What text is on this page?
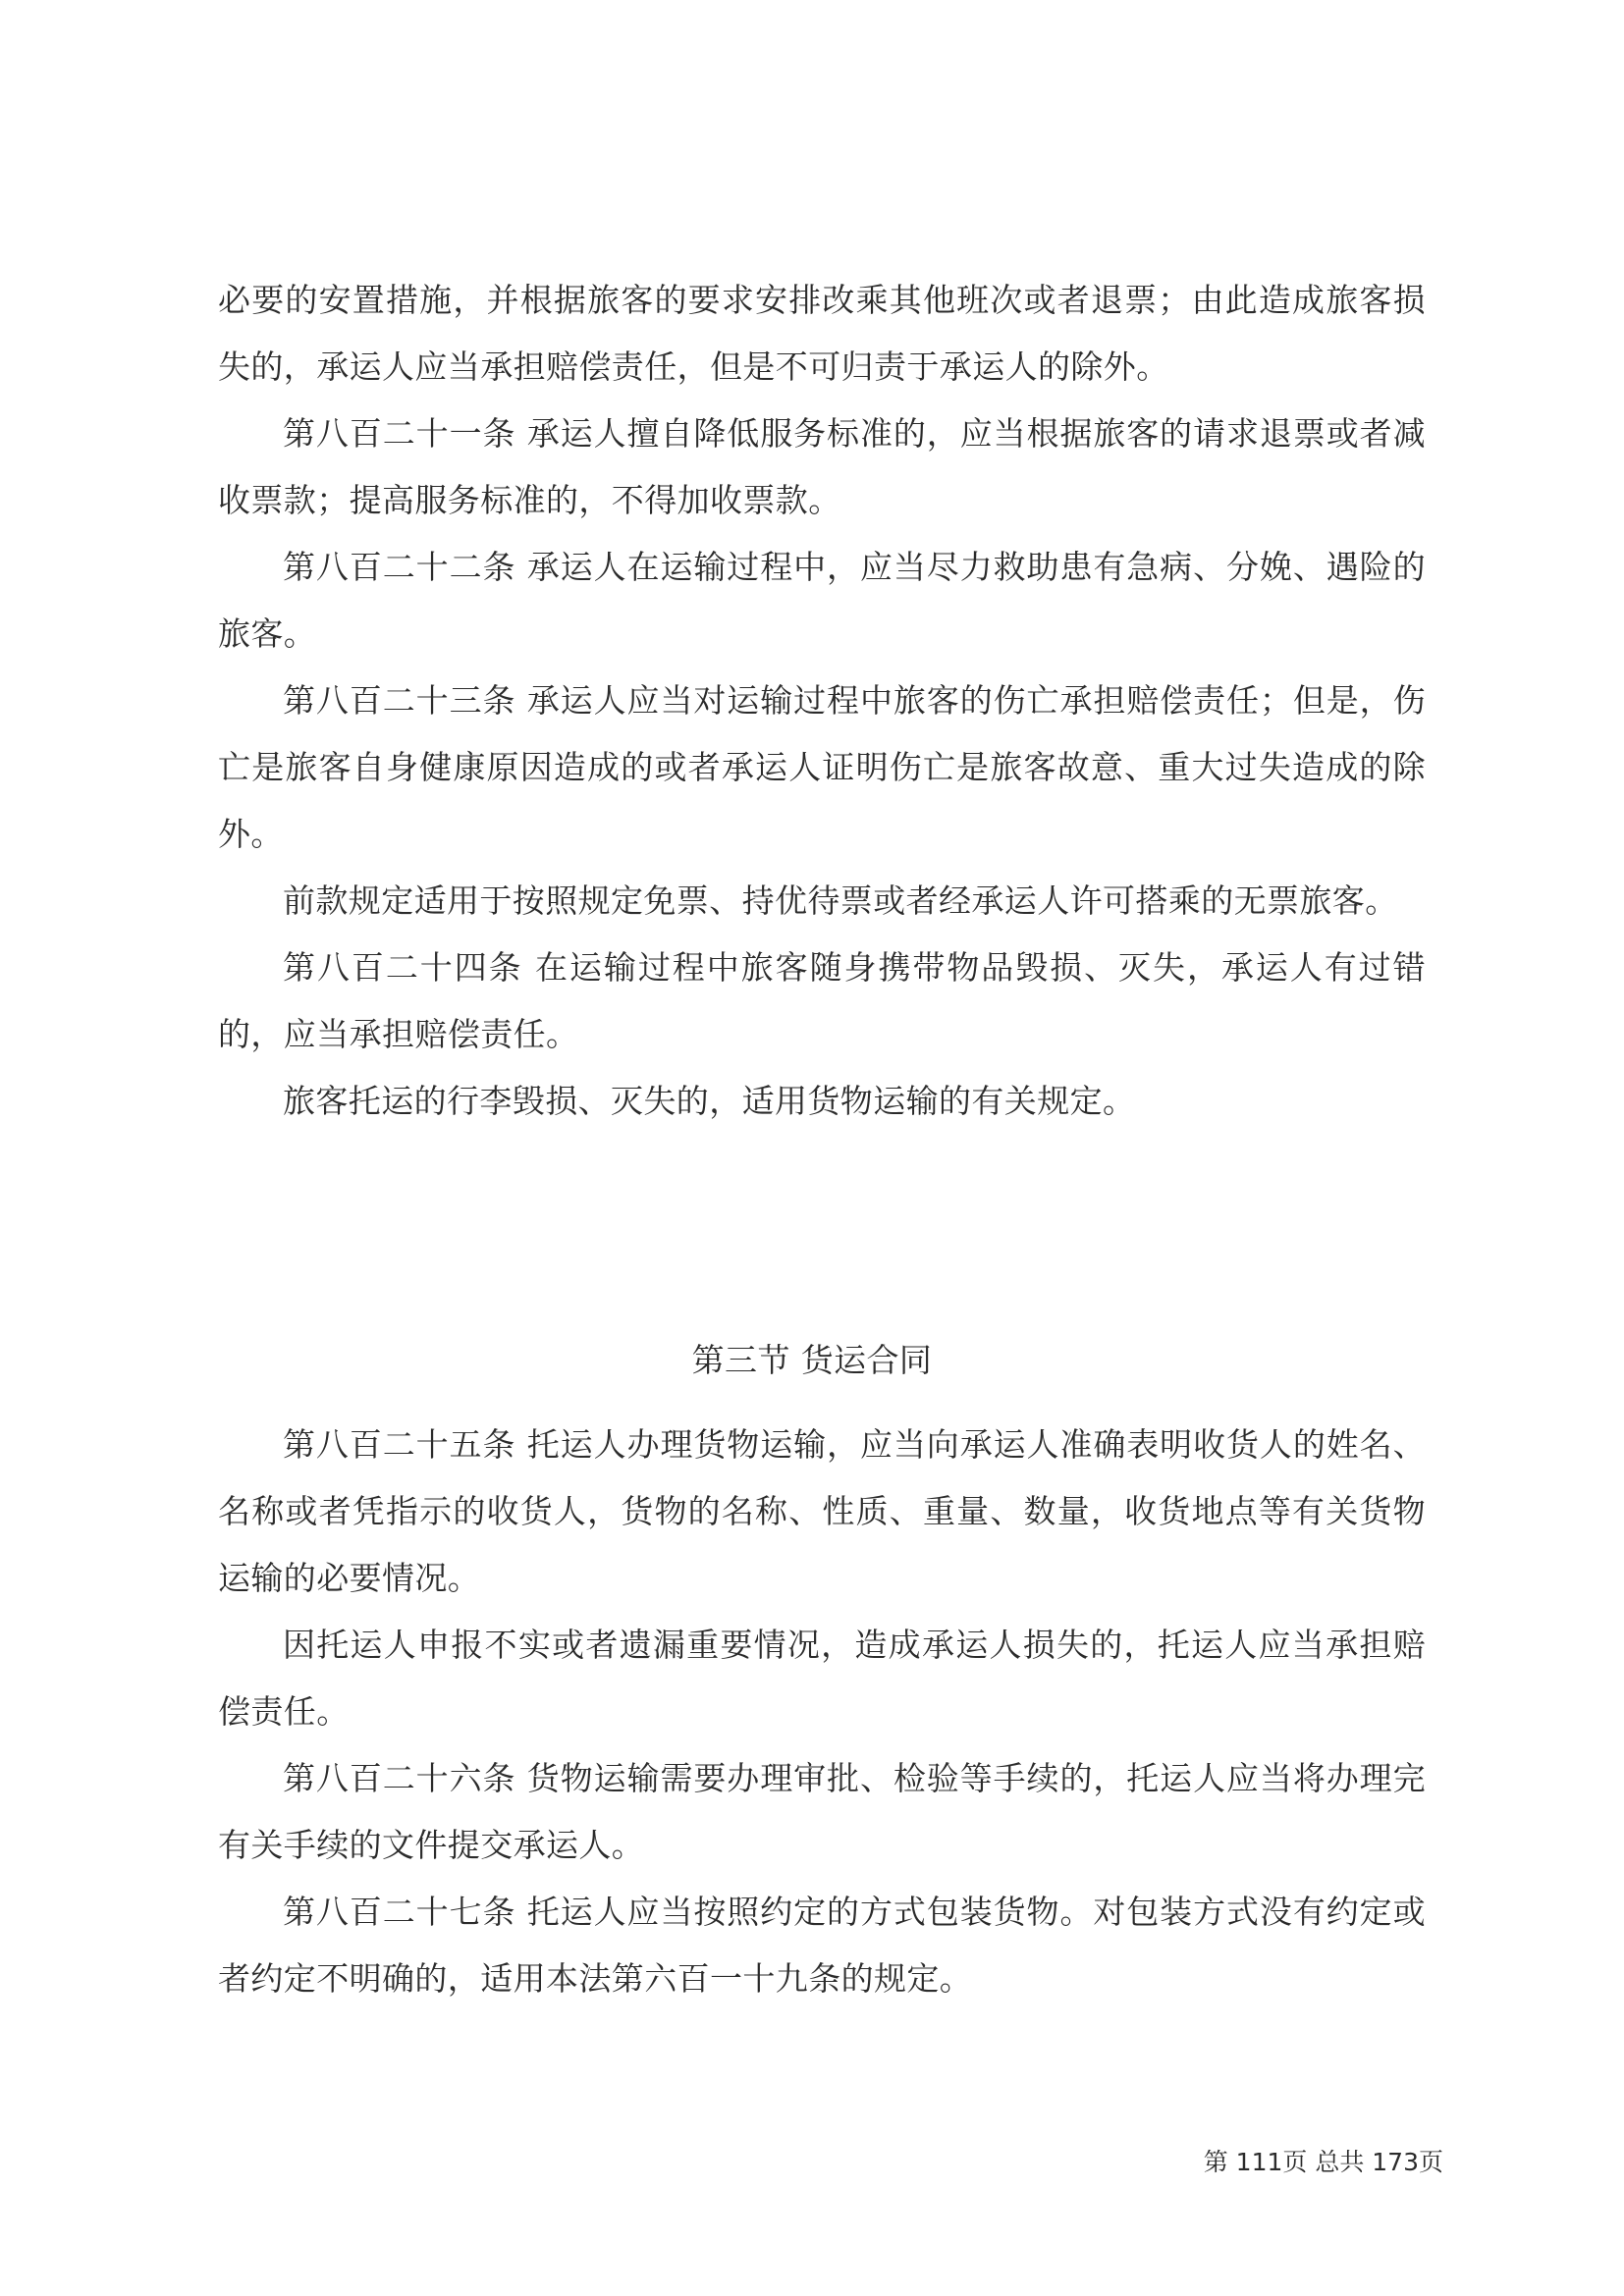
必要的安置措施，并根据旅客的要求安排改乘其他班次或者退票；由此造成旅客损失的，承运人应当承担赔偿责任，但是不可归责于承运人的除外。

第八百二十一条 承运人擅自降低服务标准的，应当根据旅客的请求退票或者减收票款；提高服务标准的，不得加收票款。

第八百二十二条 承运人在运输过程中，应当尽力救助患有急病、分娩、遇险的旅客。

第八百二十三条 承运人应当对运输过程中旅客的伤亡承担赔偿责任；但是，伤亡是旅客自身健康原因造成的或者承运人证明伤亡是旅客故意、重大过失造成的除外。

前款规定适用于按照规定免票、持优待票或者经承运人许可搭乘的无票旅客。

第八百二十四条 在运输过程中旅客随身携带物品毁损、灭失，承运人有过错的，应当承担赔偿责任。

旅客托运的行李毁损、灭失的，适用货物运输的有关规定。

第三节 货运合同

第八百二十五条 托运人办理货物运输，应当向承运人准确表明收货人的姓名、名称或者凭指示的收货人，货物的名称、性质、重量、数量，收货地点等有关货物运输的必要情况。

因托运人申报不实或者遗漏重要情况，造成承运人损失的，托运人应当承担赔偿责任。

第八百二十六条 货物运输需要办理审批、检验等手续的，托运人应当将办理完有关手续的文件提交承运人。

第八百二十七条 托运人应当按照约定的方式包装货物。对包装方式没有约定或者约定不明确的，适用本法第六百一十九条的规定。

第 111页 总共 173页
